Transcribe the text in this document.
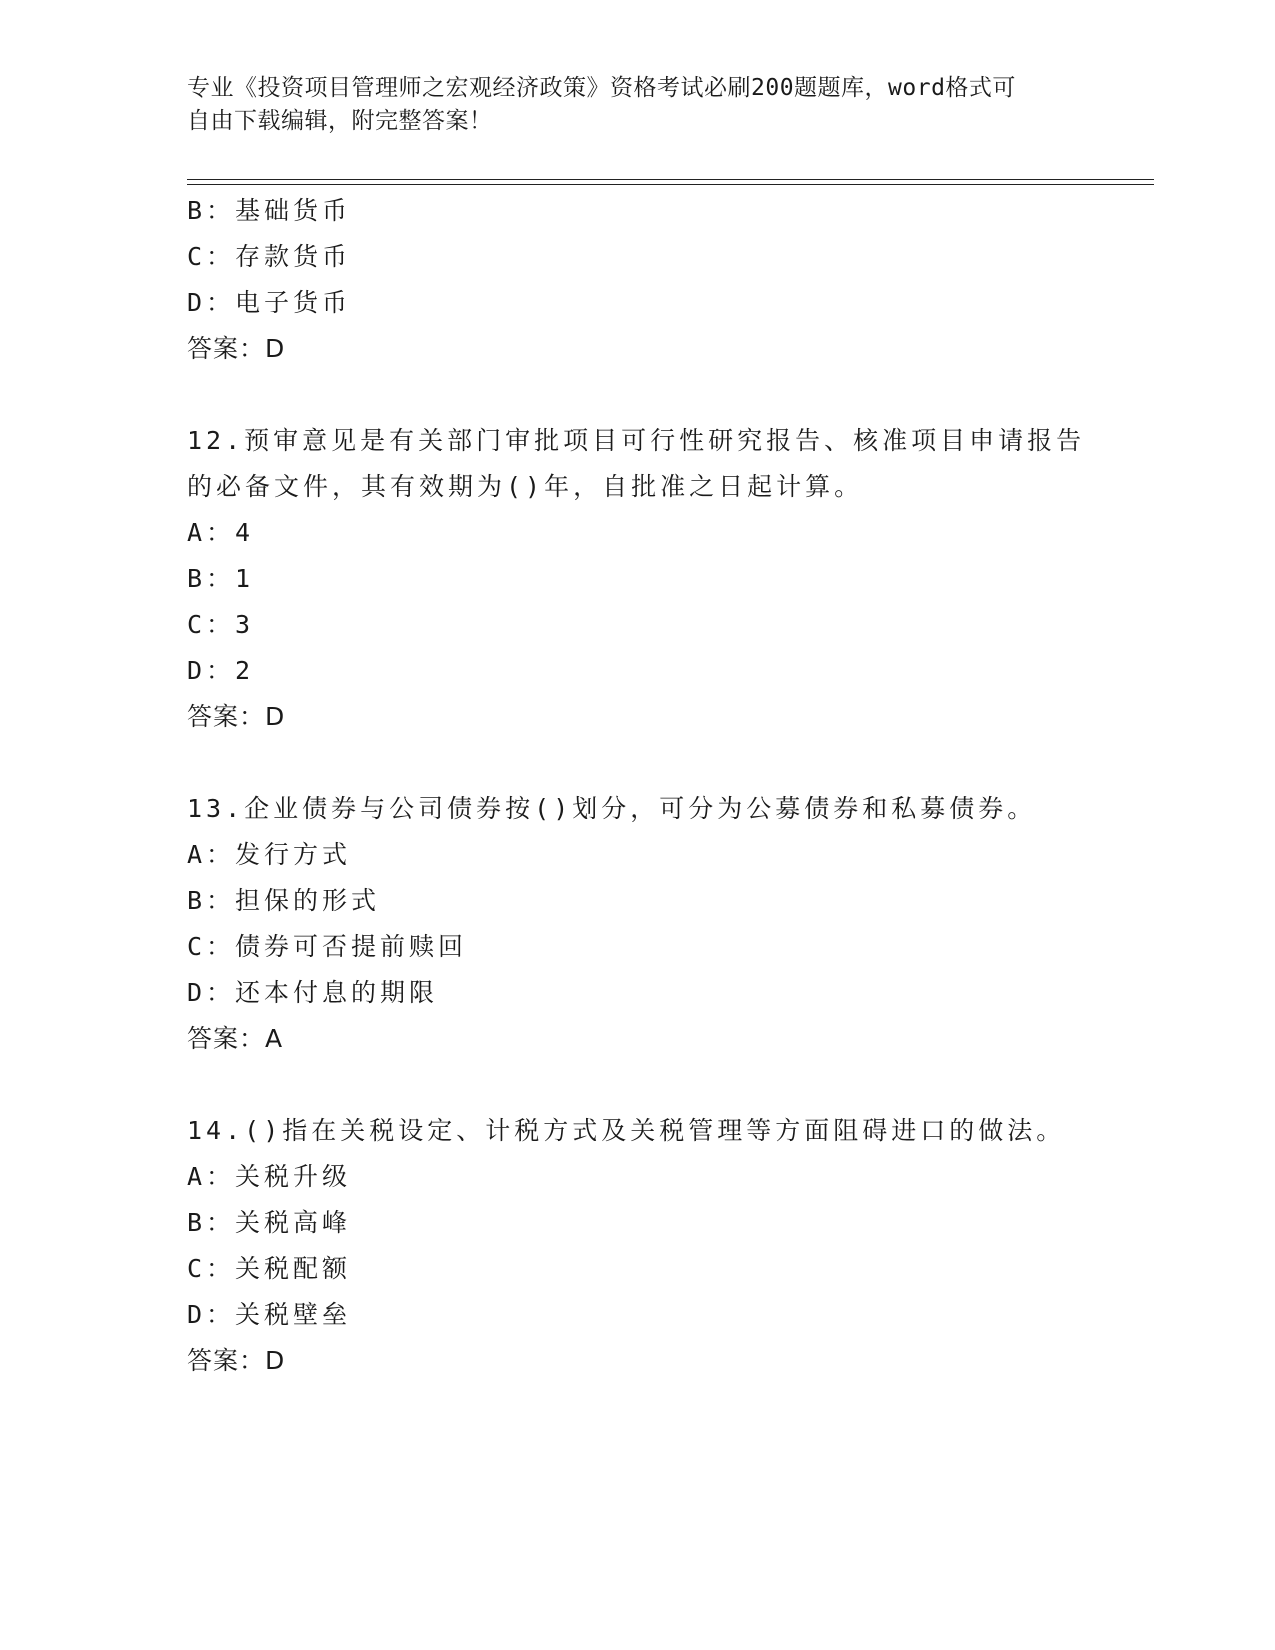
专业《投资项目管理师之宏观经济政策》资格考试必刷200题题库，word格式可
自由下载编辑，附完整答案！
B：基础货币
C：存款货币
D：电子货币
答案：D
12.预审意见是有关部门审批项目可行性研究报告、核准项目申请报告
的必备文件，其有效期为()年，自批准之日起计算。
A：4
B：1
C：3
D：2
答案：D
13.企业债券与公司债券按()划分，可分为公募债券和私募债券。
A：发行方式
B：担保的形式
C：债券可否提前赎回
D：还本付息的期限
答案：A
14.()指在关税设定、计税方式及关税管理等方面阻碍进口的做法。
A：关税升级
B：关税高峰
C：关税配额
D：关税壁垒
答案：D
